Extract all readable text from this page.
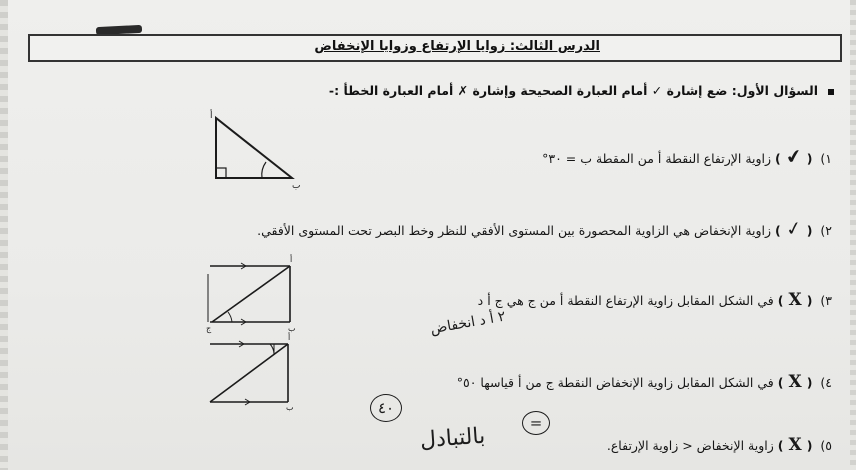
الدرس الثالث: زوايا الإرتفاع وزوايا الإنخفاض
السؤال الأول: ضع إشارة ✓ أمام العبارة الصحيحة وإشارة ✗ أمام العبارة الخطأ :-
١) (✔) زاوية الإرتفاع النقطة أ من المقطة ب = ٣٠°
٢) (✓) زاوية الإنخفاض هي الزاوية المحصورة بين المستوى الأفقي للنظر وخط البصر تحت المستوى الأفقي.
٣) (X) في الشكل المقابل زاوية الإرتفاع النقطة أ من ج هي ج أ د
٢ أ د انخفاض
٤) (X) في الشكل المقابل زاوية الإنخفاض النقطة ج من أ قياسها ٥٠°
٤٠
٥) (X) زاوية الإنخفاض < زاوية الإرتفاع.
=
بالتبادل
أ
ب
أ
ج	ب
أ
ب
